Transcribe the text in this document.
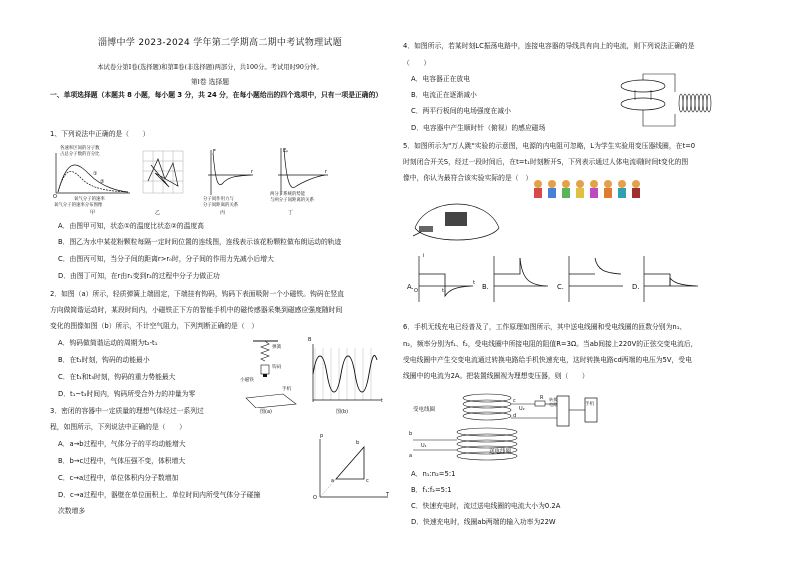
淄博中学 2023-2024 学年第二学期高二期中考试物理试题
本试卷分第Ⅰ卷(选择题)和第Ⅱ卷(非选择题)两部分，共100分。考试用时90分钟。
第Ⅰ卷 选择题
一、单项选择题（本题共 8 小题，每小题 3 分，共 24 分，在每小题给出的四个选项中，只有一项是正确的）
1、下列说法中正确的是（　　）
①
②
O
F
r
Eₚ
r
各速率区间的分子数
占总分子数的百分比
氧气分子的速率
氧气分子的速率分布图像
甲	乙
分子间作用力与
分子间距离的关系
丙
两分子系统的势能
与两分子间距离的关系
丁
A．由图甲可知，状态①的温度比状态②的温度高
B．图乙为水中某花粉颗粒每隔一定时间位置的连线图，连线表示该花粉颗粒做布朗运动的轨迹
C．由图丙可知，当分子间的距离r>r₀时，分子间的作用力先减小后增大
D．由图丁可知，在r由r₁变到r₂的过程中分子力做正功
2．如图（a）所示，轻质弹簧上端固定，下端挂有钩码，钩码下表面吸附一个小磁铁。钩码在竖直
方向做简谐运动时，某段时间内，小磁铁正下方的智能手机中的磁传感器采集到磁感应强度随时间
变化的图像如图（b）所示，不计空气阻力，下列判断正确的是（　）
A．钩码做简谐运动的周期为t₂-t₁
B．在t₁时刻，钩码的动能最小
C．在t₁和t₃时刻，钩码的重力势能最大
D．t₁~t₃时间内，钩码所受合外力的冲量为零
弹簧
钩码
小磁铁
手机
图(a)
B
t
图(b)
3．密闭的容器中一定质量的理想气体经过一系列过
程，如图所示，下列说法中正确的是（　　）
A．a→b过程中，气体分子的平均动能增大
B．b→c过程中，气体压强不变，体积增大
C．c→a过程中，单位体积内分子数增加
D．c→a过程中，器壁在单位面积上、单位时间内所受气体分子碰撞
次数增多
p
T
O
b
a	c
4．如图所示，若某时刻LC振荡电路中，连接电容器的导线具有向上的电流，则下列说法正确的是
（　　）
A．电容器正在放电
B．电流正在逐渐减小
C．两平行板间的电场强度在减小
D．电容器中产生顺时针（俯视）的感应磁场
5．如图所示为"万人跳"实验的示意图，电源的内电阻可忽略，L为学生实验用变压器线圈，在t=0
时刻闭合开关S，经过一段时间后，在t=t₁时刻断开S，下列表示通过人体电流i随时间t变化的图
像中，你认为最符合该实验实际的是（　）
A.	B.	C.	D.
i
t
t₁
O
6．手机无线充电已经普及了，工作原理如图所示，其中送电线圈和受电线圈的匝数分别为n₁、
n₂，频率分别为f₁、f₂，受电线圈中所接电阻的阻值R=3Ω。当ab间接上220V的正弦交变电流后，
受电线圈中产生交变电流通过转换电路给手机快速充电，这时转换电路cd两端的电压为5V，受电
线圈中的电流为2A。把装置线圈视为理想变压器，则（　　）
受电线圈
送电线圈
转换电路	手机
R
U₂
U₁
b
a
c
d
A．n₁:n₂=5:1
B．f₁:f₂=5:1
C．快速充电时，流过送电线圈的电流大小为0.2A
D．快速充电时，线圈ab两端的输入功率为22W
